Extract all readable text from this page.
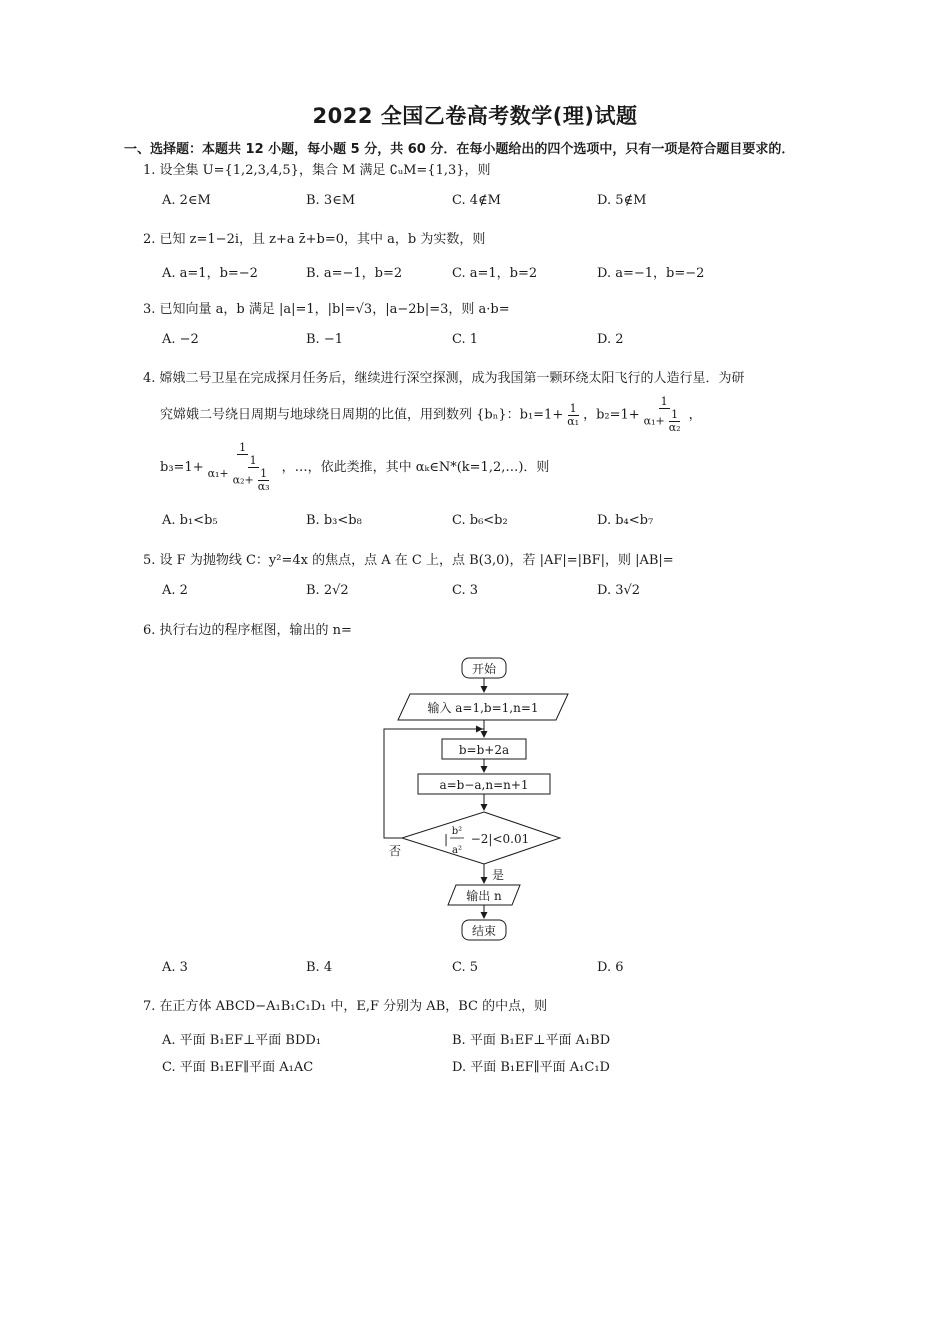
2022 全国乙卷高考数学(理)试题
一、选择题：本题共 12 小题，每小题 5 分，共 60 分．在每小题给出的四个选项中，只有一项是符合题目要求的．
1. 设全集 U={1,2,3,4,5}，集合 M 满足 ∁ᵤM={1,3}，则
A. 2∈M	B. 3∈M	C. 4∉M	D. 5∉M
2. 已知 z=1−2i，且 z+a z̄+b=0，其中 a，b 为实数，则
A. a=1，b=−2	B. a=−1，b=2	C. a=1，b=2	D. a=−1，b=−2
3. 已知向量 a，b 满足 |a|=1，|b|=√3，|a−2b|=3，则 a·b=
A. −2	B. −1	C. 1	D. 2
4. 嫦娥二号卫星在完成探月任务后，继续进行深空探测，成为我国第一颗环绕太阳飞行的人造行星．为研
究嫦娥二号绕日周期与地球绕日周期的比值，用到数列 {bₙ}：$b_1=1+ \frac{1}{\text{α₁}}$ ，$b_2=1+ \frac{1}{\alpha_1+ \frac{1}{\text{α₂}}}$ ，
$b_3=1+ \frac{1}{\alpha_1+ \frac{1}{\alpha_2+ \frac{1}{\text{α₃}}}}$ ，…，依此类推，其中 αₖ∈N*(k=1,2,…)．则
A. b₁<b₅	B. b₃<b₈	C. b₆<b₂	D. b₄<b₇
5. 设 F 为抛物线 C：y²=4x 的焦点，点 A 在 C 上，点 B(3,0)，若 |AF|=|BF|，则 |AB|=
A. 2	B. 2√2	C. 3	D. 3√2
6. 执行右边的程序框图，输出的 n=
开始
输入 a=1,b=1,n=1
b=b+2a
a=b−a,n=n+1
|
b²
a²
−2|<0.01
否
是
输出 n
结束
A. 3	B. 4	C. 5	D. 6
7. 在正方体 ABCD−A₁B₁C₁D₁ 中，E,F 分别为 AB，BC 的中点，则
A. 平面 B₁EF⊥平面 BDD₁	B. 平面 B₁EF⊥平面 A₁BD
C. 平面 B₁EF∥平面 A₁AC	D. 平面 B₁EF∥平面 A₁C₁D
